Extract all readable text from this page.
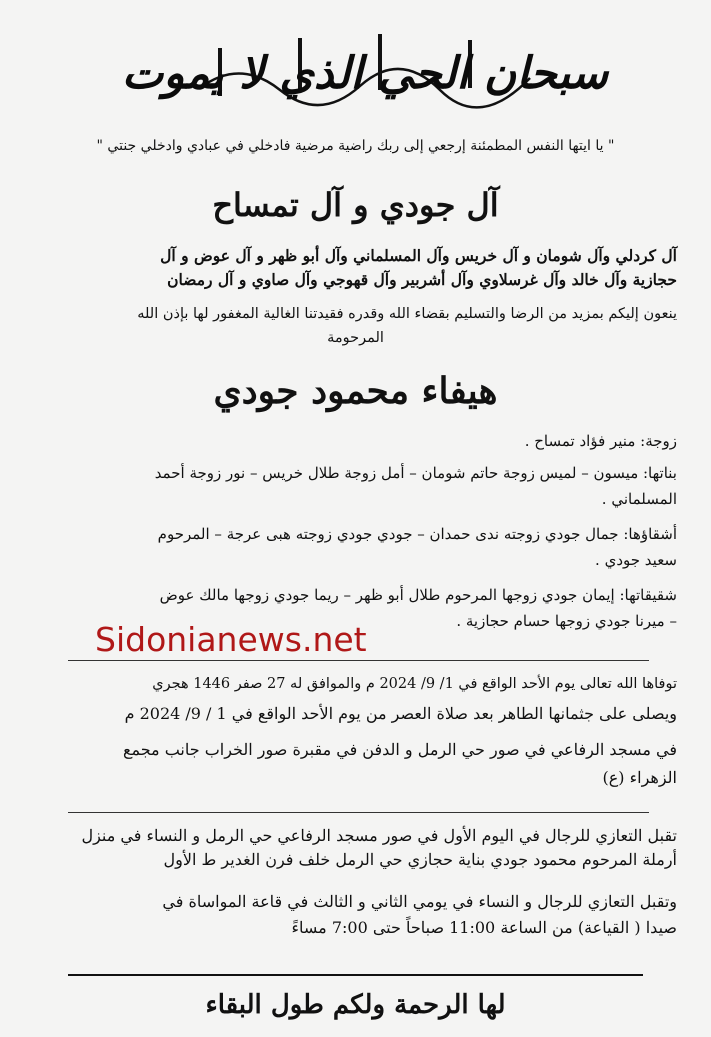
سبحان الحي الذي لا يموت
" يا ايتها النفس المطمئنة إرجعي إلى ربك راضية مرضية فادخلي في عبادي وادخلي جنتي "
آل جودي و آل تمساح
آل كردلي وآل شومان و آل خريس وآل المسلماني وآل أبو ظهر و آل عوض و آل
حجازية وآل خالد وآل غرسلاوي وآل أشربير وآل قهوجي وآل صاوي و آل رمضان
ينعون إليكم بمزيد من الرضا والتسليم بقضاء الله وقدره فقيدتنا الغالية المغفور لها بإذن الله
المرحومة
هيفاء محمود جودي
زوجة: منير فؤاد تمساح .
بناتها: ميسون – لميس زوجة حاتم شومان – أمل زوجة طلال خريس – نور زوجة أحمد
المسلماني .
أشقاؤها: جمال جودي زوجته ندى حمدان – جودي جودي زوجته هبى عرجة – المرحوم
سعيد جودي .
شقيقاتها: إيمان جودي زوجها المرحوم طلال أبو ظهر – ريما جودي زوجها مالك عوض
– ميرنا جودي زوجها حسام حجازية .
Sidonianews.net
توفاها الله تعالى يوم الأحد الواقع في 1/ 9/ 2024 م والموافق له 27 صفر 1446 هجري
ويصلى على جثمانها الطاهر بعد صلاة العصر من يوم الأحد الواقع في 1 / 9/ 2024 م
في مسجد الرفاعي في صور حي الرمل و الدفن في مقبرة صور الخراب جانب مجمع
الزهراء (ع)
تقبل التعازي للرجال في اليوم الأول في صور مسجد الرفاعي حي الرمل و النساء في منزل
أرملة المرحوم محمود جودي بناية حجازي حي الرمل خلف فرن الغدير ط الأول
وتقبل التعازي للرجال و النساء في يومي الثاني و الثالث في قاعة المواساة في
صيدا ( القياعة) من الساعة 11:00 صباحاً حتى 7:00 مساءً
لها الرحمة ولكم طول البقاء
